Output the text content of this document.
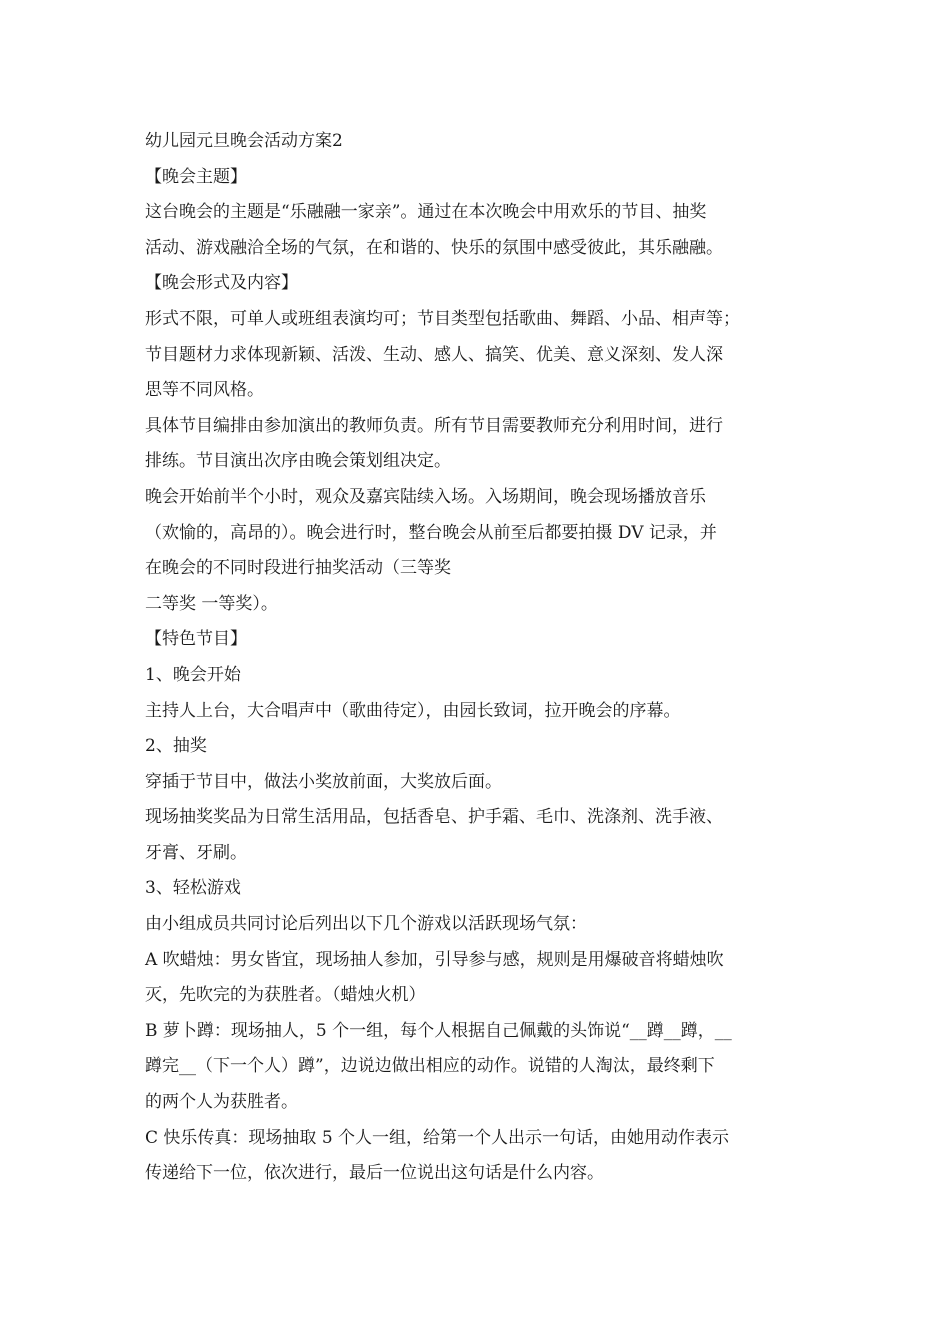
幼儿园元旦晚会活动方案2
【晚会主题】
这台晚会的主题是“乐融融一家亲”。通过在本次晚会中用欢乐的节目、抽奖
活动、游戏融洽全场的气氛，在和谐的、快乐的氛围中感受彼此，其乐融融。
【晚会形式及内容】
形式不限，可单人或班组表演均可；节目类型包括歌曲、舞蹈、小品、相声等；
节目题材力求体现新颖、活泼、生动、感人、搞笑、优美、意义深刻、发人深
思等不同风格。
具体节目编排由参加演出的教师负责。所有节目需要教师充分利用时间，进行
排练。节目演出次序由晚会策划组决定。
晚会开始前半个小时，观众及嘉宾陆续入场。入场期间，晚会现场播放音乐
（欢愉的，高昂的）。晚会进行时，整台晚会从前至后都要拍摄 DV 记录，并
在晚会的不同时段进行抽奖活动（三等奖
二等奖 一等奖）。
【特色节目】
1、晚会开始
主持人上台，大合唱声中（歌曲待定），由园长致词，拉开晚会的序幕。
2、抽奖
穿插于节目中，做法小奖放前面，大奖放后面。
现场抽奖奖品为日常生活用品，包括香皂、护手霜、毛巾、洗涤剂、洗手液、
牙膏、牙刷。
3、轻松游戏
由小组成员共同讨论后列出以下几个游戏以活跃现场气氛：
A 吹蜡烛：男女皆宜，现场抽人参加，引导参与感，规则是用爆破音将蜡烛吹
灭，先吹完的为获胜者。（蜡烛火机）
B 萝卜蹲：现场抽人，5 个一组，每个人根据自己佩戴的头饰说“__蹲__蹲，__
蹲完__（下一个人）蹲”，边说边做出相应的动作。说错的人淘汰，最终剩下
的两个人为获胜者。
C 快乐传真：现场抽取 5 个人一组，给第一个人出示一句话，由她用动作表示
传递给下一位，依次进行，最后一位说出这句话是什么内容。
